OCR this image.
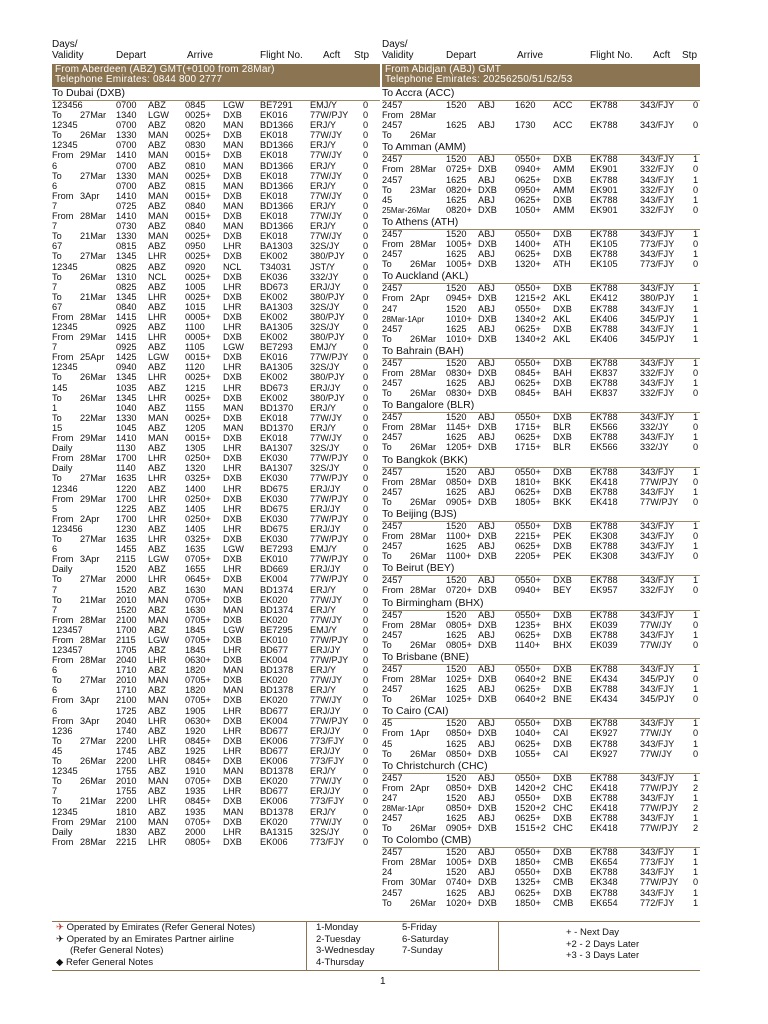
Days/
Validity	Depart	Arrive	Flight No. Acft Stp
From Aberdeen (ABZ) GMT(+0100 from 28Mar)
Telephone Emirates: 0844 800 2777
To Dubai (DXB)
123456	0700 ABZ 0845 LGW BE7291 EMJ/Y	0
To	1340 LGW 0025+ DXB EK016 77W/PJY 0
27Mar
12345	0700 ABZ 0820 MAN BD1366 ERJ/Y	0
To	1330 MAN 0025+ DXB EK018 77W/JY 0
26Mar
12345	0700 ABZ 0830 MAN BD1366 ERJ/Y	0
From	1410 MAN 0015+ DXB EK018 77W/JY 0
29Mar
6	0700 ABZ 0810 MAN BD1366 ERJ/Y	0
To	1330 MAN 0025+ DXB EK018 77W/JY 0
27Mar
6	0700 ABZ 0815 MAN BD1366 ERJ/Y	0
From	1410 MAN 0015+ DXB EK018 77W/JY 0
3Apr
7	0725 ABZ 0840 MAN BD1366 ERJ/Y	0
From	1410 MAN 0015+ DXB EK018 77W/JY 0
28Mar
7	0730 ABZ 0840 MAN BD1366 ERJ/Y	0
To	1330 MAN 0025+ DXB EK018 77W/JY 0
21Mar
67	0815 ABZ 0950 LHR BA1303 32S/JY	0
To	1345 LHR 0025+ DXB EK002 380/PJY 0
27Mar
12345	0825 ABZ 0920 NCL T34031 JST/Y	0
To	1310 NCL 0025+ DXB EK036 332/JY	0
26Mar
7	0825 ABZ 1005 LHR BD673 ERJ/JY 0
To	1345 LHR 0025+ DXB EK002 380/PJY 0
21Mar
67	0840 ABZ 1015 LHR BA1303 32S/JY	0
From	1415 LHR 0005+ DXB EK002 380/PJY 0
28Mar
12345	0925 ABZ 1100 LHR BA1305 32S/JY	0
From	1415 LHR 0005+ DXB EK002 380/PJY 0
29Mar
7	0925 ABZ 1105 LGW BE7293 EMJ/Y	0
From	1425 LGW 0015+ DXB EK016 77W/PJY 0
25Apr
12345	0940 ABZ 1120 LHR BA1305 32S/JY	0
To	1345 LHR 0025+ DXB EK002 380/PJY 0
26Mar
145	1035 ABZ 1215 LHR BD673 ERJ/JY 0
To	1345 LHR 0025+ DXB EK002 380/PJY 0
26Mar
1	1040 ABZ 1155 MAN BD1370 ERJ/Y	0
To	1330 MAN 0025+ DXB EK018 77W/JY 0
22Mar
15	1045 ABZ 1205 MAN BD1370 ERJ/Y	0
From	1410 MAN 0015+ DXB EK018 77W/JY 0
29Mar
Daily	1130 ABZ 1305 LHR BA1307 32S/JY	0
From	1700 LHR 0250+ DXB EK030 77W/PJY 0
28Mar
Daily	1140 ABZ 1320 LHR BA1307 32S/JY	0
To	1635 LHR 0325+ DXB EK030 77W/PJY 0
27Mar
12346	1220 ABZ 1400 LHR BD675 ERJ/JY 0
From	1700 LHR 0250+ DXB EK030 77W/PJY 0
29Mar
5	1225 ABZ 1405 LHR BD675 ERJ/JY 0
From	1700 LHR 0250+ DXB EK030 77W/PJY 0
2Apr
123456	1230 ABZ 1405 LHR BD675 ERJ/JY 0
To	1635 LHR 0325+ DXB EK030 77W/PJY 0
27Mar
6	1455 ABZ 1635 LGW BE7293 EMJ/Y	0
From	2115 LGW 0705+ DXB EK010 77W/PJY 0
3Apr
Daily	1520 ABZ 1655 LHR BD669 ERJ/JY 0
To	2000 LHR 0645+ DXB EK004 77W/PJY 0
27Mar
7	1520 ABZ 1630 MAN BD1374 ERJ/Y	0
To	2010 MAN 0705+ DXB EK020 77W/JY 0
21Mar
7	1520 ABZ 1630 MAN BD1374 ERJ/Y	0
From	2100 MAN 0705+ DXB EK020 77W/JY 0
28Mar
123457	1700 ABZ 1845 LGW BE7295 EMJ/Y	0
From	2115 LGW 0705+ DXB EK010 77W/PJY 0
28Mar
123457	1705 ABZ 1845 LHR BD677 ERJ/JY 0
From	2040 LHR 0630+ DXB EK004 77W/PJY 0
28Mar
6	1710 ABZ 1820 MAN BD1378 ERJ/Y	0
To	2010 MAN 0705+ DXB EK020 77W/JY 0
27Mar
6	1710 ABZ 1820 MAN BD1378 ERJ/Y	0
From	2100 MAN 0705+ DXB EK020 77W/JY 0
3Apr
6	1725 ABZ 1905 LHR BD677 ERJ/JY 0
From	2040 LHR 0630+ DXB EK004 77W/PJY 0
3Apr
1236	1740 ABZ 1920 LHR BD677 ERJ/JY 0
To	2200 LHR 0845+ DXB EK006 773/FJY 0
27Mar
45	1745 ABZ 1925 LHR BD677 ERJ/JY 0
To	2200 LHR 0845+ DXB EK006 773/FJY 0
26Mar
12345	1755 ABZ 1910 MAN BD1378 ERJ/Y	0
To	2010 MAN 0705+ DXB EK020 77W/JY 0
26Mar
7	1755 ABZ 1935 LHR BD677 ERJ/JY 0
To	2200 LHR 0845+ DXB EK006 773/FJY 0
21Mar
12345	1810 ABZ 1935 MAN BD1378 ERJ/Y	0
From	2100 MAN 0705+ DXB EK020 77W/JY 0
29Mar
Daily	1830 ABZ 2000 LHR BA1315 32S/JY	0
From	2215 LHR 0805+ DXB EK006 773/FJY 0
28Mar
Days/
Validity	Depart	Arrive	Flight No. Acft Stp
From Abidjan (ABJ) GMT
Telephone Emirates: 20256250/51/52/53
To Accra (ACC)
2457	1520 ABJ 1620 ACC EK788 343/FJY 0
From 28Mar
2457	1625 ABJ 1730 ACC EK788 343/FJY 0
To 26Mar
To Amman (AMM)
2457	1520 ABJ 0550+ DXB EK788 343/FJY 1
From	0725+ DXB 0940+ AMM EK901 332/FJY 0
28Mar
2457	1625 ABJ 0625+ DXB EK788 343/FJY 1
To	0820+ DXB 0950+ AMM EK901 332/FJY 0
23Mar
45	1625 ABJ 0625+ DXB EK788 343/FJY 1
25Mar-26Mar 0820+ DXB 1050+ AMM EK901 332/FJY 0
To Athens (ATH)
2457	1520 ABJ 0550+ DXB EK788 343/FJY 1
From	1005+ DXB 1400+ ATH EK105 773/FJY 0
28Mar
2457	1625 ABJ 0625+ DXB EK788 343/FJY 1
To	1005+ DXB 1320+ ATH EK105 773/FJY 0
26Mar
To Auckland (AKL)
2457	1520 ABJ 0550+ DXB EK788 343/FJY 1
From	0945+ DXB 1215+2 AKL EK412 380/PJY 1
2Apr
247	1520 ABJ 0550+ DXB EK788 343/FJY 1
28Mar-1Apr 1010+ DXB 1340+2 AKL EK406 345/PJY 1
2457	1625 ABJ 0625+ DXB EK788 343/FJY 1
To	1010+ DXB 1340+2 AKL EK406 345/PJY 1
26Mar
To Bahrain (BAH)
2457	1520 ABJ 0550+ DXB EK788 343/FJY 1
From	0830+ DXB 0845+ BAH EK837 332/FJY 0
28Mar
2457	1625 ABJ 0625+ DXB EK788 343/FJY 1
To	0830+ DXB 0845+ BAH EK837 332/FJY 0
26Mar
To Bangalore (BLR)
2457	1520 ABJ 0550+ DXB EK788 343/FJY 1
From	1145+ DXB 1715+ BLR EK566 332/JY	0
28Mar
2457	1625 ABJ 0625+ DXB EK788 343/FJY 1
To	1205+ DXB 1715+ BLR EK566 332/JY	0
26Mar
To Bangkok (BKK)
2457	1520 ABJ 0550+ DXB EK788 343/FJY 1
From	0850+ DXB 1810+ BKK EK418 77W/PJY 0
28Mar
2457	1625 ABJ 0625+ DXB EK788 343/FJY 1
To	0905+ DXB 1805+ BKK EK418 77W/PJY 0
26Mar
To Beijing (BJS)
2457	1520 ABJ 0550+ DXB EK788 343/FJY 1
From	1100+ DXB 2215+ PEK EK308 343/FJY 0
28Mar
2457	1625 ABJ 0625+ DXB EK788 343/FJY 1
To	1100+ DXB 2205+ PEK EK308 343/FJY 0
26Mar
To Beirut (BEY)
2457	1520 ABJ 0550+ DXB EK788 343/FJY 1
From	0720+ DXB 0940+ BEY EK957 332/FJY 0
28Mar
To Birmingham (BHX)
2457	1520 ABJ 0550+ DXB EK788 343/FJY 1
From	0805+ DXB 1235+ BHX EK039 77W/JY 0
28Mar
2457	1625 ABJ 0625+ DXB EK788 343/FJY 1
To	0805+ DXB 1140+ BHX EK039 77W/JY 0
26Mar
To Brisbane (BNE)
2457	1520 ABJ 0550+ DXB EK788 343/FJY 1
From	1025+ DXB 0640+2 BNE EK434 345/PJY 0
28Mar
2457	1625 ABJ 0625+ DXB EK788 343/FJY 1
To	1025+ DXB 0640+2 BNE EK434 345/PJY 0
26Mar
To Cairo (CAI)
45	1520 ABJ 0550+ DXB EK788 343/FJY 1
From	0850+ DXB 1040+ CAI EK927 77W/JY 0
1Apr
45	1625 ABJ 0625+ DXB EK788 343/FJY 1
To	0850+ DXB 1055+ CAI EK927 77W/JY 0
26Mar
To Christchurch (CHC)
2457	1520 ABJ 0550+ DXB EK788 343/FJY 1
From	0850+ DXB 1420+2 CHC EK418 77W/PJY 2
2Apr
247	1520 ABJ 0550+ DXB EK788 343/FJY 1
28Mar-1Apr 0850+ DXB 1520+2 CHC EK418 77W/PJY 2
2457	1625 ABJ 0625+ DXB EK788 343/FJY 1
To	0905+ DXB 1515+2 CHC EK418 77W/PJY 2
26Mar
To Colombo (CMB)
2457	1520 ABJ 0550+ DXB EK788 343/FJY 1
From	1005+ DXB 1850+ CMB EK654 773/FJY 1
28Mar
24	1520 ABJ 0550+ DXB EK788 343/FJY 1
From	0740+ DXB 1325+ CMB EK348 77W/PJY 0
30Mar
2457	1625 ABJ 0625+ DXB EK788 343/FJY 1
To	1020+ DXB 1850+ CMB EK654 772/FJY 1
26Mar
✈ Operated by Emirates (Refer General Notes)
✈ Operated by an Emirates Partner airline
(Refer General Notes)
◆ Refer General Notes
1-Monday
2-Tuesday
3-Wednesday
4-Thursday
5-Friday
6-Saturday
7-Sunday
+ - Next Day
+2 - 2 Days Later
+3 - 3 Days Later
1
